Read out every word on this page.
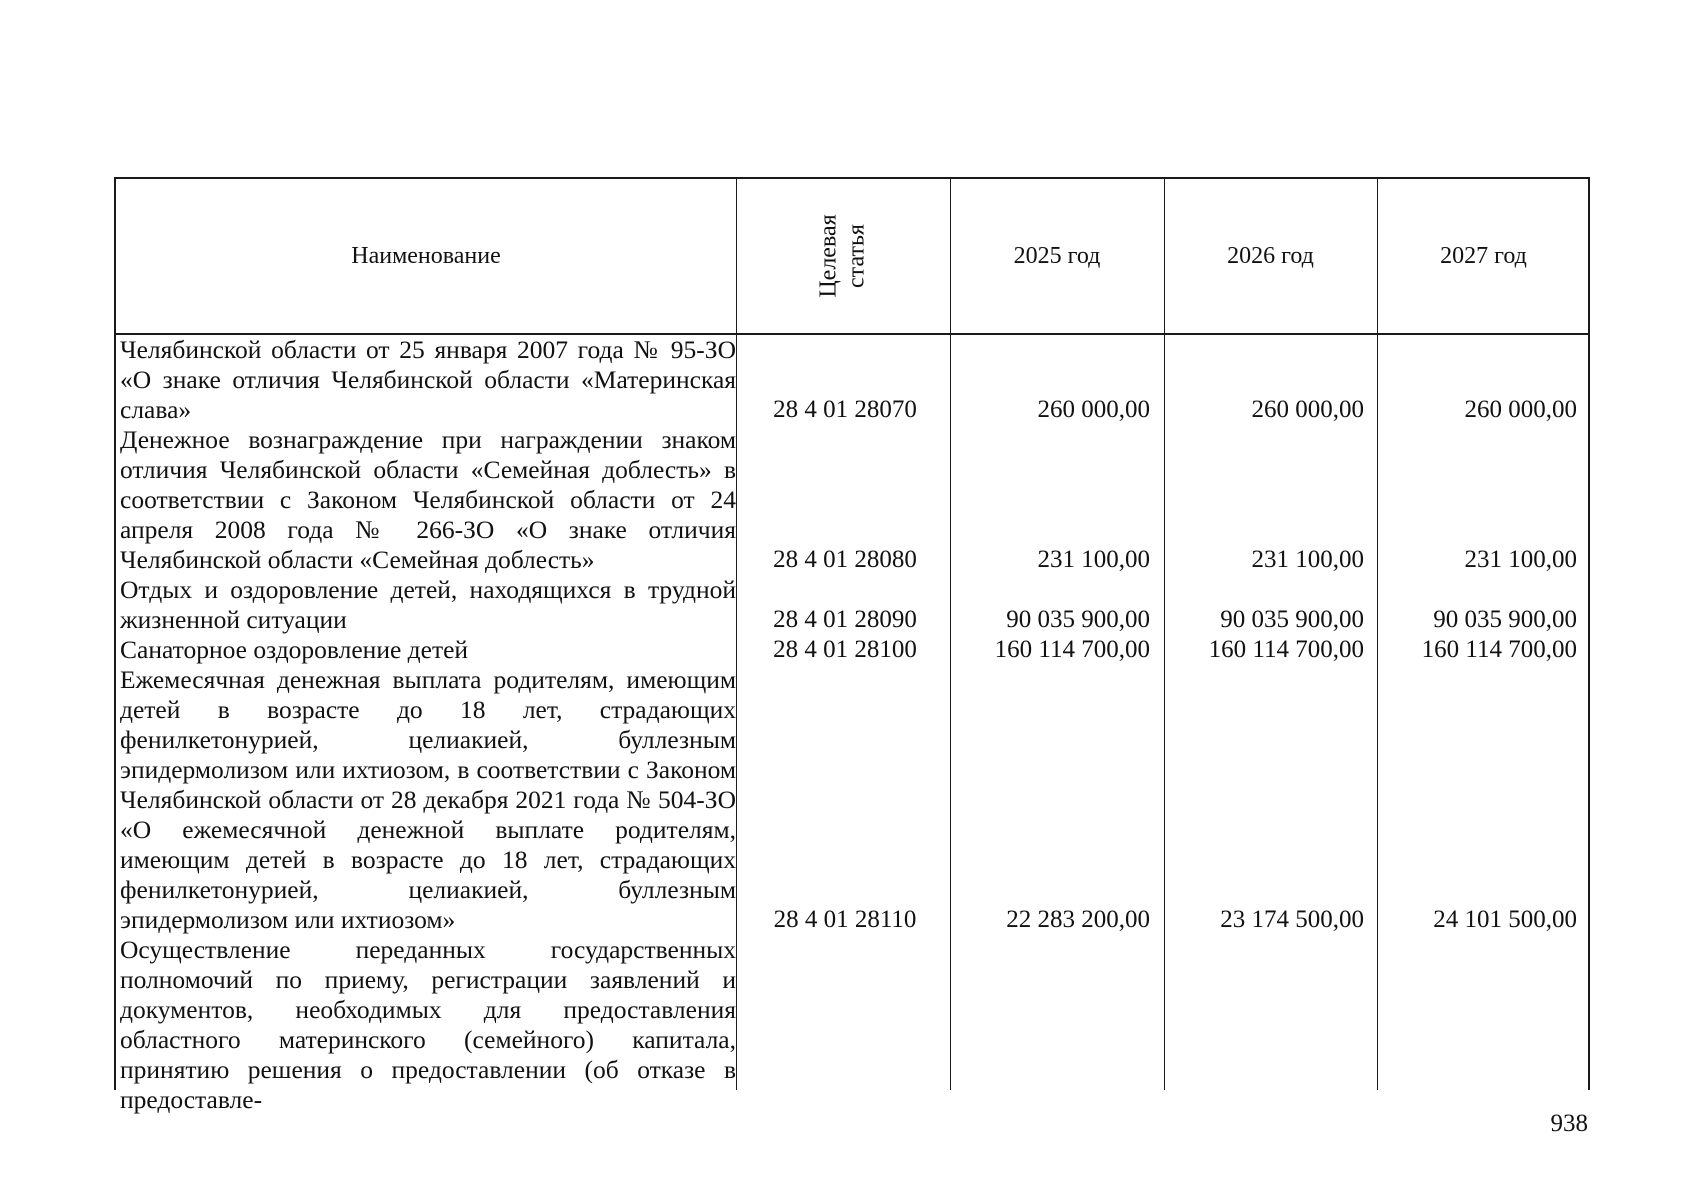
Наименование	Целевая статья	2025 год	2026 год	2027 год
Челябинской области от 25 января 2007 года № 95-ЗО «О знаке отличия Челябинской области «Материнская слава»	28 4 01 28070	260 000,00	260 000,00	260 000,00
Денежное вознаграждение при награждении знаком отличия Челябинской области «Семейная доблесть» в соответствии с Законом Челябинской области от 24 апреля 2008 года № 266-ЗО «О знаке отличия Челябинской области «Семейная доблесть»	28 4 01 28080	231 100,00	231 100,00	231 100,00
Отдых и оздоровление детей, находящихся в трудной жизненной ситуации	28 4 01 28090	90 035 900,00	90 035 900,00	90 035 900,00
Санаторное оздоровление детей	28 4 01 28100	160 114 700,00	160 114 700,00	160 114 700,00
Ежемесячная денежная выплата родителям, имеющим детей в возрасте до 18 лет, страдающих фенилкетонурией, целиакией, буллезным эпидермолизом или ихтиозом, в соответствии с Законом Челябинской области от 28 декабря 2021 года № 504-ЗО «О ежемесячной денежной выплате родителям, имеющим детей в возрасте до 18 лет, страдающих фенилкетонурией, целиакией, буллезным эпидермолизом или ихтиозом»	28 4 01 28110	22 283 200,00	23 174 500,00	24 101 500,00
Осуществление переданных государственных полномочий по приему, регистрации заявлений и документов, необходимых для предоставления областного материнского (семейного) капитала, принятию решения о предоставлении (об отказе в предоставле-
938
